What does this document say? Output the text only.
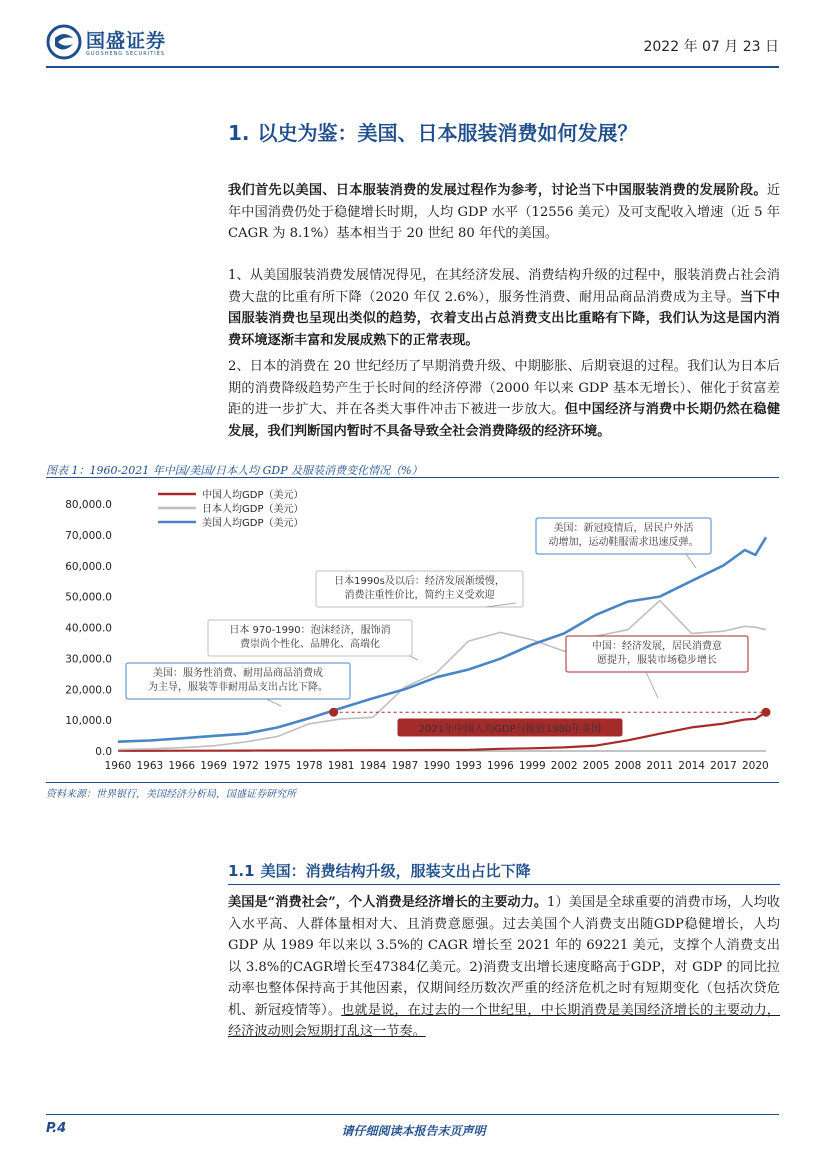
国盛证券
GUOSHENG SECURITIES	2022 年 07 月 23 日
1. 以史为鉴：美国、日本服装消费如何发展？
我们首先以美国、日本服装消费的发展过程作为参考，讨论当下中国服装消费的发展阶段。近年中国消费仍处于稳健增长时期，人均 GDP 水平（12556 美元）及可支配收入增速（近 5 年 CAGR 为 8.1%）基本相当于 20 世纪 80 年代的美国。
1、从美国服装消费发展情况得见，在其经济发展、消费结构升级的过程中，服装消费占社会消费大盘的比重有所下降（2020 年仅 2.6%），服务性消费、耐用品商品消费成为主导。当下中国服装消费也呈现出类似的趋势，衣着支出占总消费支出比重略有下降，我们认为这是国内消费环境逐渐丰富和发展成熟下的正常表现。
2、日本的消费在 20 世纪经历了早期消费升级、中期膨胀、后期衰退的过程。我们认为日本后期的消费降级趋势产生于长时间的经济停滞（2000 年以来 GDP 基本无增长）、催化于贫富差距的进一步扩大、并在各类大事件冲击下被进一步放大。但中国经济与消费中长期仍然在稳健发展，我们判断国内暂时不具备导致全社会消费降级的经济环境。
图表 1：1960-2021 年中国/美国/日本人均 GDP 及服装消费变化情况（%）
0.0
10,000.0
20,000.0
30,000.0
40,000.0
50,000.0
60,000.0
70,000.0
80,000.0
1960 1963 1966 1969 1972 1975 1978 1981 1984 1987 1990 1993 1996 1999 2002 2005 2008 2011 2014 2017 2020
中国人均GDP（美元）
日本人均GDP（美元）
美国人均GDP（美元）	美国：新冠疫情后，居民户外活
动增加，运动鞋服需求迅速反弹。
日本1990s及以后：经济发展渐缓慢，
消费注重性价比，简约主义受欢迎
日本 970-1990：泡沫经济，服饰消
费崇尚个性化、品牌化、高端化
美国：服务性消费、耐用品商品消费成
为主导，服装等非耐用品支出占比下降。
中国：经济发展，居民消费意
愿提升，服装市场稳步增长
2021年中国人均GDP与接近1980年美国
资料来源：世界银行，美国经济分析局，国盛证券研究所
1.1 美国：消费结构升级，服装支出占比下降
美国是“消费社会”，个人消费是经济增长的主要动力。1）美国是全球重要的消费市场，人均收入水平高、人群体量相对大、且消费意愿强。过去美国个人消费支出随GDP稳健增长，人均 GDP 从 1989 年以来以 3.5%的 CAGR 增长至 2021 年的 69221 美元，支撑个人消费支出以 3.8%的CAGR增长至47384亿美元。2)消费支出增长速度略高于GDP，对 GDP 的同比拉动率也整体保持高于其他因素，仅期间经历数次严重的经济危机之时有短期变化（包括次贷危机、新冠疫情等）。也就是说，在过去的一个世纪里，中长期消费是美国经济增长的主要动力，经济波动则会短期打乱这一节奏。
P.4	请仔细阅读本报告末页声明
